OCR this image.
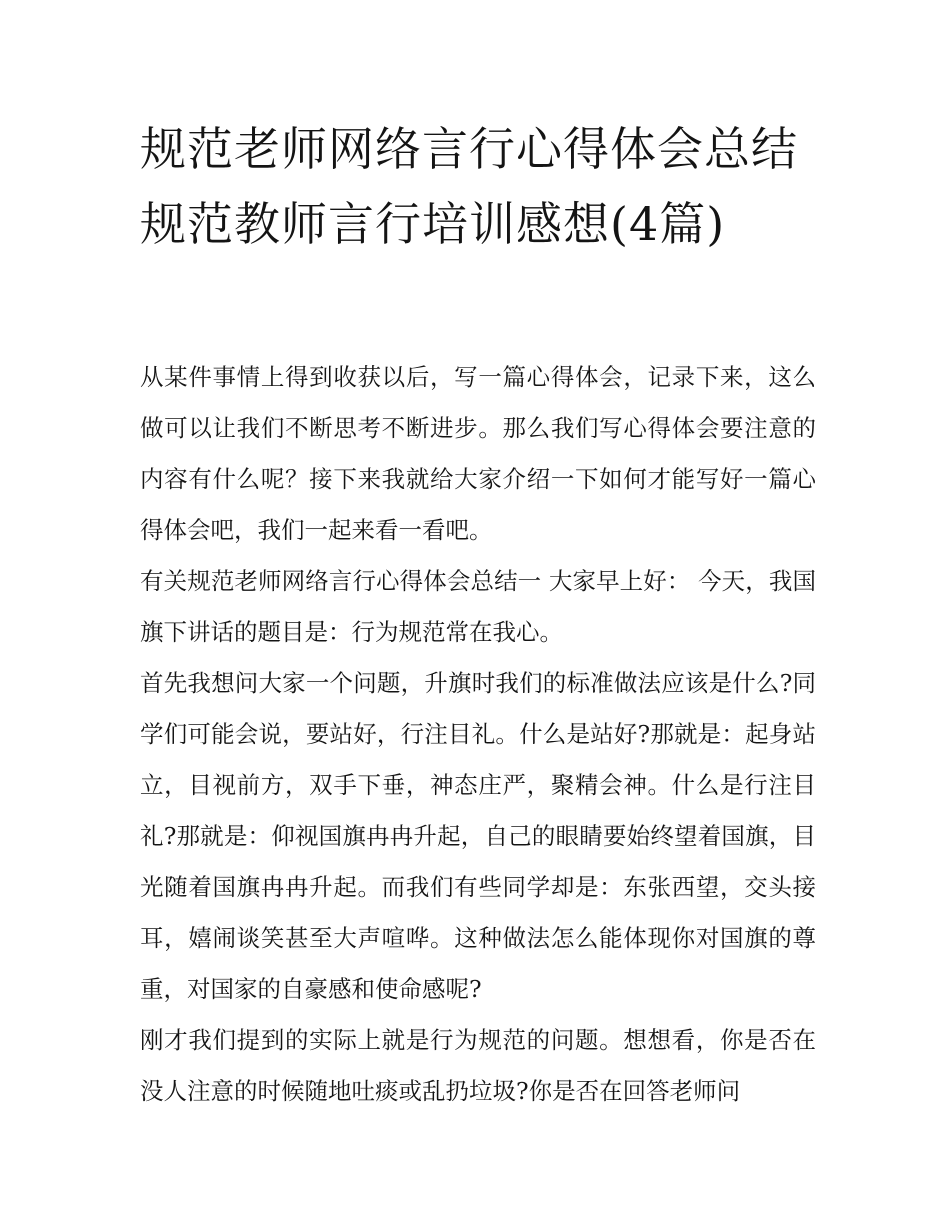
规范老师网络言行心得体会总结 规范教师言行培训感想(4篇)

从某件事情上得到收获以后，写一篇心得体会，记录下来，这么做可以让我们不断思考不断进步。那么我们写心得体会要注意的内容有什么呢？接下来我就给大家介绍一下如何才能写好一篇心得体会吧，我们一起来看一看吧。

有关规范老师网络言行心得体会总结一 大家早上好： 今天，我国旗下讲话的题目是：行为规范常在我心。

首先我想问大家一个问题，升旗时我们的标准做法应该是什么?同学们可能会说，要站好，行注目礼。什么是站好?那就是：起身站立，目视前方，双手下垂，神态庄严，聚精会神。什么是行注目礼?那就是：仰视国旗冉冉升起，自己的眼睛要始终望着国旗，目光随着国旗冉冉升起。而我们有些同学却是：东张西望，交头接耳，嬉闹谈笑甚至大声喧哗。这种做法怎么能体现你对国旗的尊重，对国家的自豪感和使命感呢?

刚才我们提到的实际上就是行为规范的问题。想想看，你是否在没人注意的时候随地吐痰或乱扔垃圾?你是否在回答老师问
